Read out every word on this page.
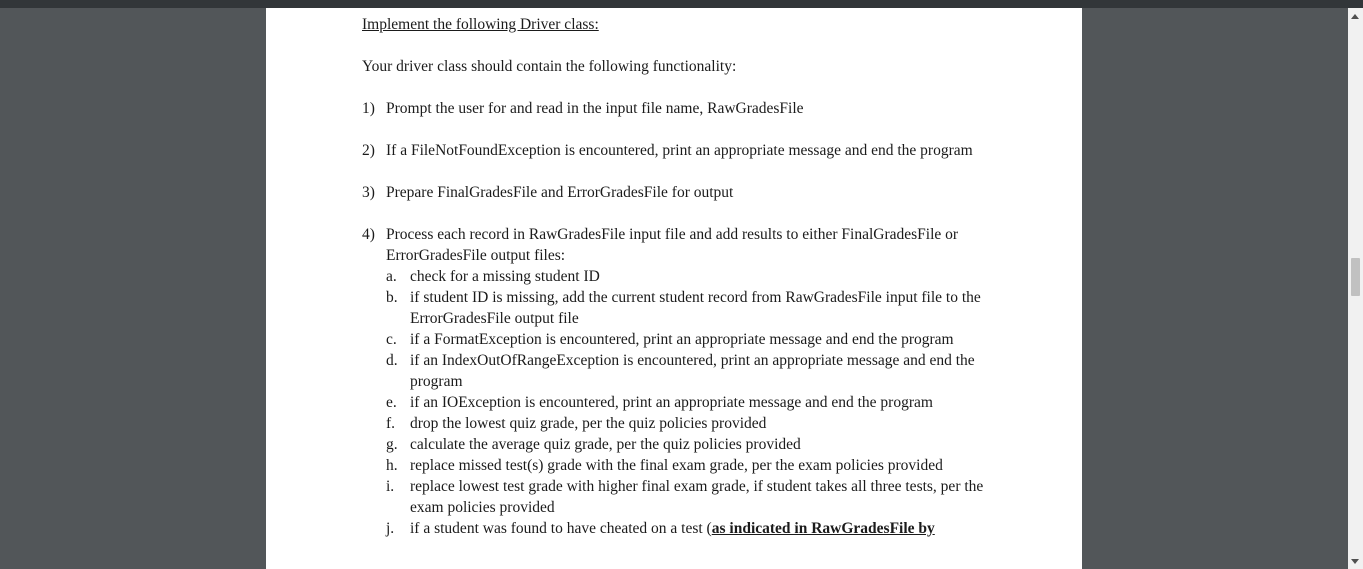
Implement the following Driver class:
Your driver class should contain the following functionality:
1) Prompt the user for and read in the input file name, RawGradesFile
2) If a FileNotFoundException is encountered, print an appropriate message and end the program
3) Prepare FinalGradesFile and ErrorGradesFile for output
4) Process each record in RawGradesFile input file and add results to either FinalGradesFile or ErrorGradesFile output files:
a. check for a missing student ID
b. if student ID is missing, add the current student record from RawGradesFile input file to the ErrorGradesFile output file
c. if a FormatException is encountered, print an appropriate message and end the program
d. if an IndexOutOfRangeException is encountered, print an appropriate message and end the program
e. if an IOException is encountered, print an appropriate message and end the program
f. drop the lowest quiz grade, per the quiz policies provided
g. calculate the average quiz grade, per the quiz policies provided
h. replace missed test(s) grade with the final exam grade, per the exam policies provided
i.	replace lowest test grade with higher final exam grade, if student takes all three tests, per the exam policies provided
j.	if a student was found to have cheated on a test (as indicated in RawGradesFile by
